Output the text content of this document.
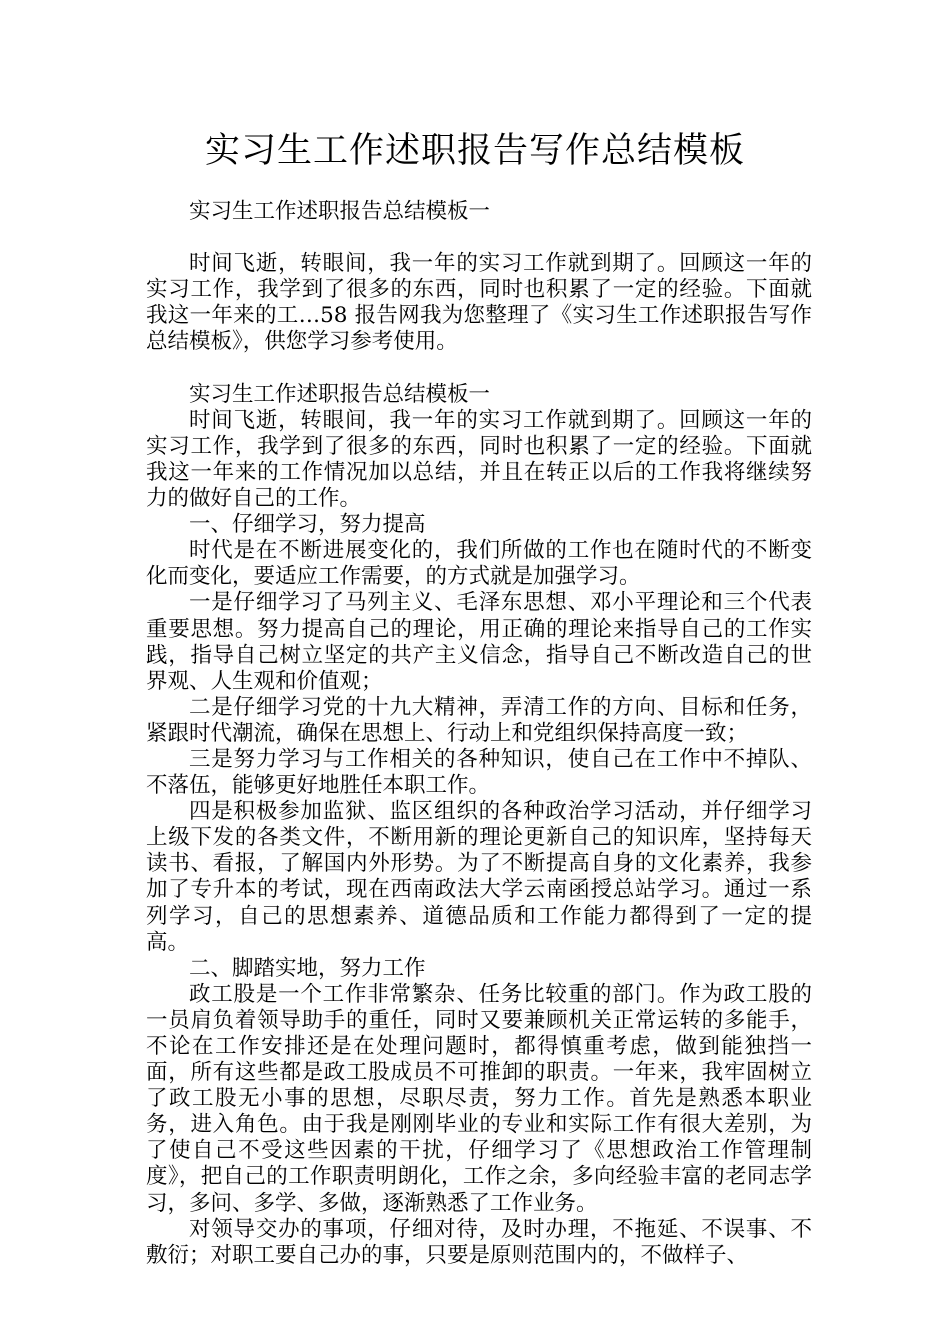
实习生工作述职报告写作总结模板

实习生工作述职报告总结模板一

时间飞逝，转眼间，我一年的实习工作就到期了。回顾这一年的实习工作，我学到了很多的东西，同时也积累了一定的经验。下面就我这一年来的工…58 报告网我为您整理了《实习生工作述职报告写作总结模板》，供您学习参考使用。

实习生工作述职报告总结模板一

时间飞逝，转眼间，我一年的实习工作就到期了。回顾这一年的实习工作，我学到了很多的东西，同时也积累了一定的经验。下面就我这一年来的工作情况加以总结，并且在转正以后的工作我将继续努力的做好自己的工作。

一、仔细学习，努力提高

时代是在不断进展变化的，我们所做的工作也在随时代的不断变化而变化，要适应工作需要，的方式就是加强学习。

一是仔细学习了马列主义、毛泽东思想、邓小平理论和三个代表重要思想。努力提高自己的理论，用正确的理论来指导自己的工作实践，指导自己树立坚定的共产主义信念，指导自己不断改造自己的世界观、人生观和价值观；

二是仔细学习党的十九大精神，弄清工作的方向、目标和任务，紧跟时代潮流，确保在思想上、行动上和党组织保持高度一致；

三是努力学习与工作相关的各种知识，使自己在工作中不掉队、不落伍，能够更好地胜任本职工作。

四是积极参加监狱、监区组织的各种政治学习活动，并仔细学习上级下发的各类文件，不断用新的理论更新自己的知识库，坚持每天读书、看报，了解国内外形势。为了不断提高自身的文化素养，我参加了专升本的考试，现在西南政法大学云南函授总站学习。通过一系列学习，自己的思想素养、道德品质和工作能力都得到了一定的提高。

二、脚踏实地，努力工作

政工股是一个工作非常繁杂、任务比较重的部门。作为政工股的一员肩负着领导助手的重任，同时又要兼顾机关正常运转的多能手，不论在工作安排还是在处理问题时，都得慎重考虑，做到能独挡一面，所有这些都是政工股成员不可推卸的职责。一年来，我牢固树立了政工股无小事的思想，尽职尽责，努力工作。首先是熟悉本职业务，进入角色。由于我是刚刚毕业的专业和实际工作有很大差别，为了使自己不受这些因素的干扰，仔细学习了《思想政治工作管理制度》，把自己的工作职责明朗化，工作之余，多向经验丰富的老同志学习，多问、多学、多做，逐渐熟悉了工作业务。

对领导交办的事项，仔细对待，及时办理，不拖延、不误事、不敷衍；对职工要自己办的事，只要是原则范围内的，不做样子、
